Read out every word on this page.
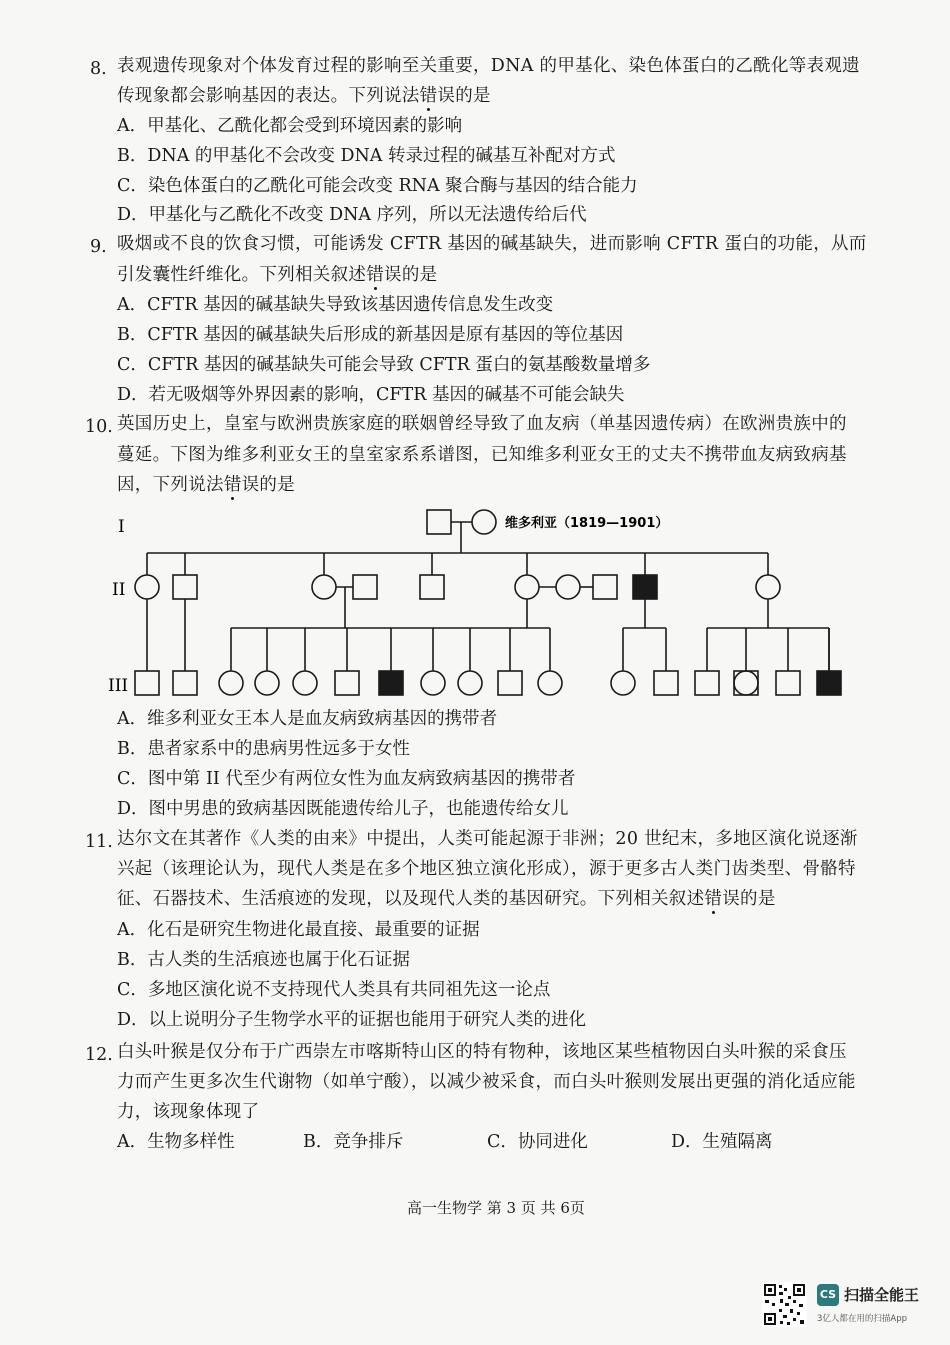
8. 表观遗传现象对个体发育过程的影响至关重要，DNA 的甲基化、染色体蛋白的乙酰化等表观遗
传现象都会影响基因的表达。下列说法错误的是
A．甲基化、乙酰化都会受到环境因素的影响
B．DNA 的甲基化不会改变 DNA 转录过程的碱基互补配对方式
C．染色体蛋白的乙酰化可能会改变 RNA 聚合酶与基因的结合能力
D．甲基化与乙酰化不改变 DNA 序列，所以无法遗传给后代
9. 吸烟或不良的饮食习惯，可能诱发 CFTR 基因的碱基缺失，进而影响 CFTR 蛋白的功能，从而
引发囊性纤维化。下列相关叙述错误的是
A．CFTR 基因的碱基缺失导致该基因遗传信息发生改变
B．CFTR 基因的碱基缺失后形成的新基因是原有基因的等位基因
C．CFTR 基因的碱基缺失可能会导致 CFTR 蛋白的氨基酸数量增多
D．若无吸烟等外界因素的影响，CFTR 基因的碱基不可能会缺失
10. 英国历史上，皇室与欧洲贵族家庭的联姻曾经导致了血友病（单基因遗传病）在欧洲贵族中的
蔓延。下图为维多利亚女王的皇室家系系谱图，已知维多利亚女王的丈夫不携带血友病致病基
因，下列说法错误的是
I
II
III
维多利亚（1819—1901）
A．维多利亚女王本人是血友病致病基因的携带者
B．患者家系中的患病男性远多于女性
C．图中第 II 代至少有两位女性为血友病致病基因的携带者
D．图中男患的致病基因既能遗传给儿子，也能遗传给女儿
11. 达尔文在其著作《人类的由来》中提出，人类可能起源于非洲；20 世纪末，多地区演化说逐渐
兴起（该理论认为，现代人类是在多个地区独立演化形成），源于更多古人类门齿类型、骨骼特
征、石器技术、生活痕迹的发现，以及现代人类的基因研究。下列相关叙述错误的是
A．化石是研究生物进化最直接、最重要的证据
B．古人类的生活痕迹也属于化石证据
C．多地区演化说不支持现代人类具有共同祖先这一论点
D．以上说明分子生物学水平的证据也能用于研究人类的进化
12. 白头叶猴是仅分布于广西崇左市喀斯特山区的特有物种，该地区某些植物因白头叶猴的采食压
力而产生更多次生代谢物（如单宁酸），以减少被采食，而白头叶猴则发展出更强的消化适应能
力，该现象体现了
A．生物多样性	B．竞争排斥	C．协同进化	D．生殖隔离
高一生物学 第 3 页 共 6页
CS 扫描全能王
3亿人都在用的扫描App
